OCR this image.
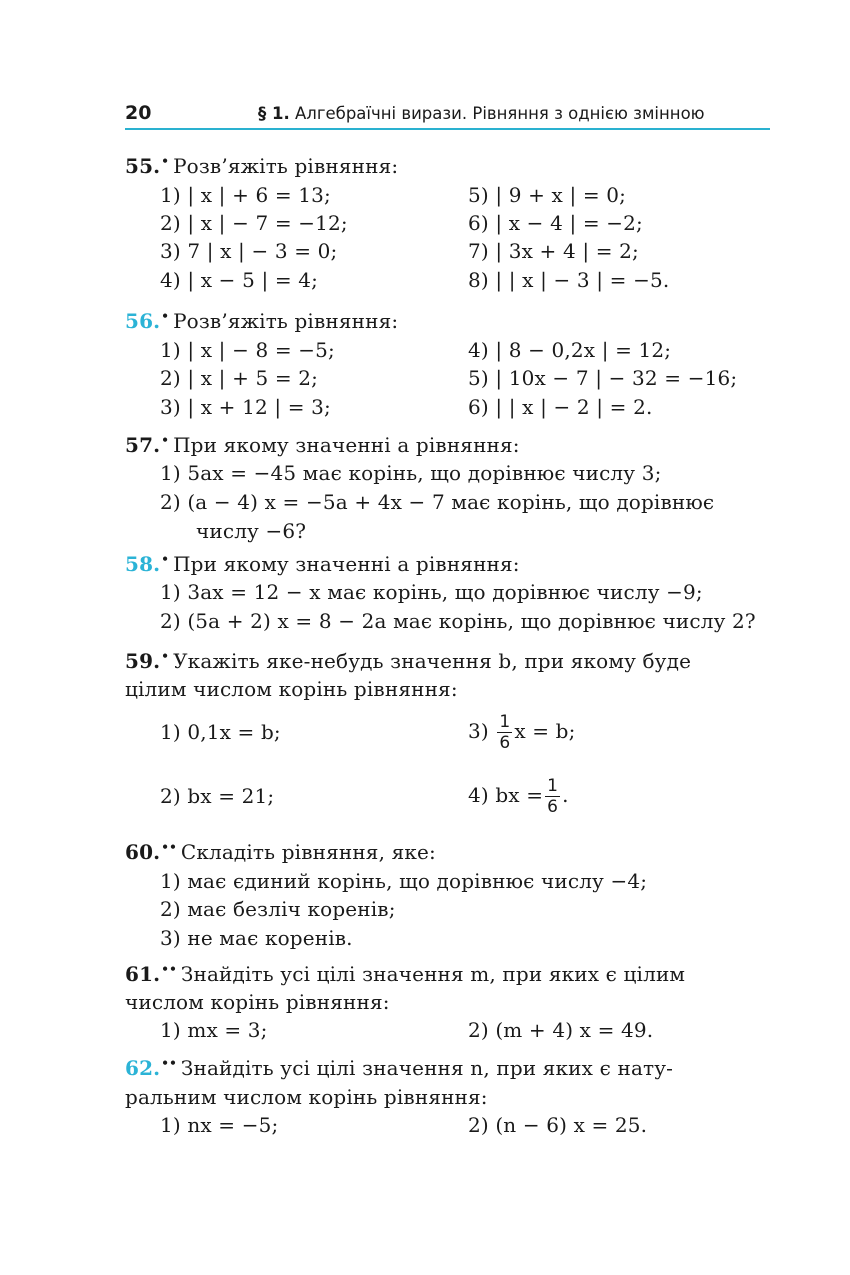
20	§ 1. Алгебраїчні вирази. Рівняння з однією змінною
55.• Розв’яжіть рівняння:
1) | x | + 6 = 13;
2) | x | − 7 = −12;
3) 7 | x | − 3 = 0;
4) | x − 5 | = 4;
5) | 9 + x | = 0;
6) | x − 4 | = −2;
7) | 3x + 4 | = 2;
8) | | x | − 3 | = −5.
56.• Розв’яжіть рівняння:
1) | x | − 8 = −5;
2) | x | + 5 = 2;
3) | x + 12 | = 3;
4) | 8 − 0,2x | = 12;
5) | 10x − 7 | − 32 = −16;
6) | | x | − 2 | = 2.
57.• При якому значенні a рівняння:
1) 5ax = −45 має корінь, що дорівнює числу 3;
2) (a − 4) x = −5a + 4x − 7 має корінь, що дорівнює
числу −6?
58.• При якому значенні a рівняння:
1) 3ax = 12 − x має корінь, що дорівнює числу −9;
2) (5a + 2) x = 8 − 2a має корінь, що дорівнює числу 2?
59.• Укажіть яке-небудь значення b, при якому буде
цілим числом корінь рівняння:
1) 0,1x = b;
2) bx = 21;
$3) \frac{1}{6}$ x = b;
4) bx = $\frac{1}{6}$ .
60.•• Складіть рівняння, яке:
1) має єдиний корінь, що дорівнює числу −4;
2) має безліч коренів;
3) не має коренів.
61.•• Знайдіть усі цілі значення m, при яких є цілим
числом корінь рівняння:
1) mx = 3;	2) (m + 4) x = 49.
62.•• Знайдіть усі цілі значення n, при яких є нату-
ральним числом корінь рівняння:
1) nx = −5;	2) (n − 6) x = 25.
